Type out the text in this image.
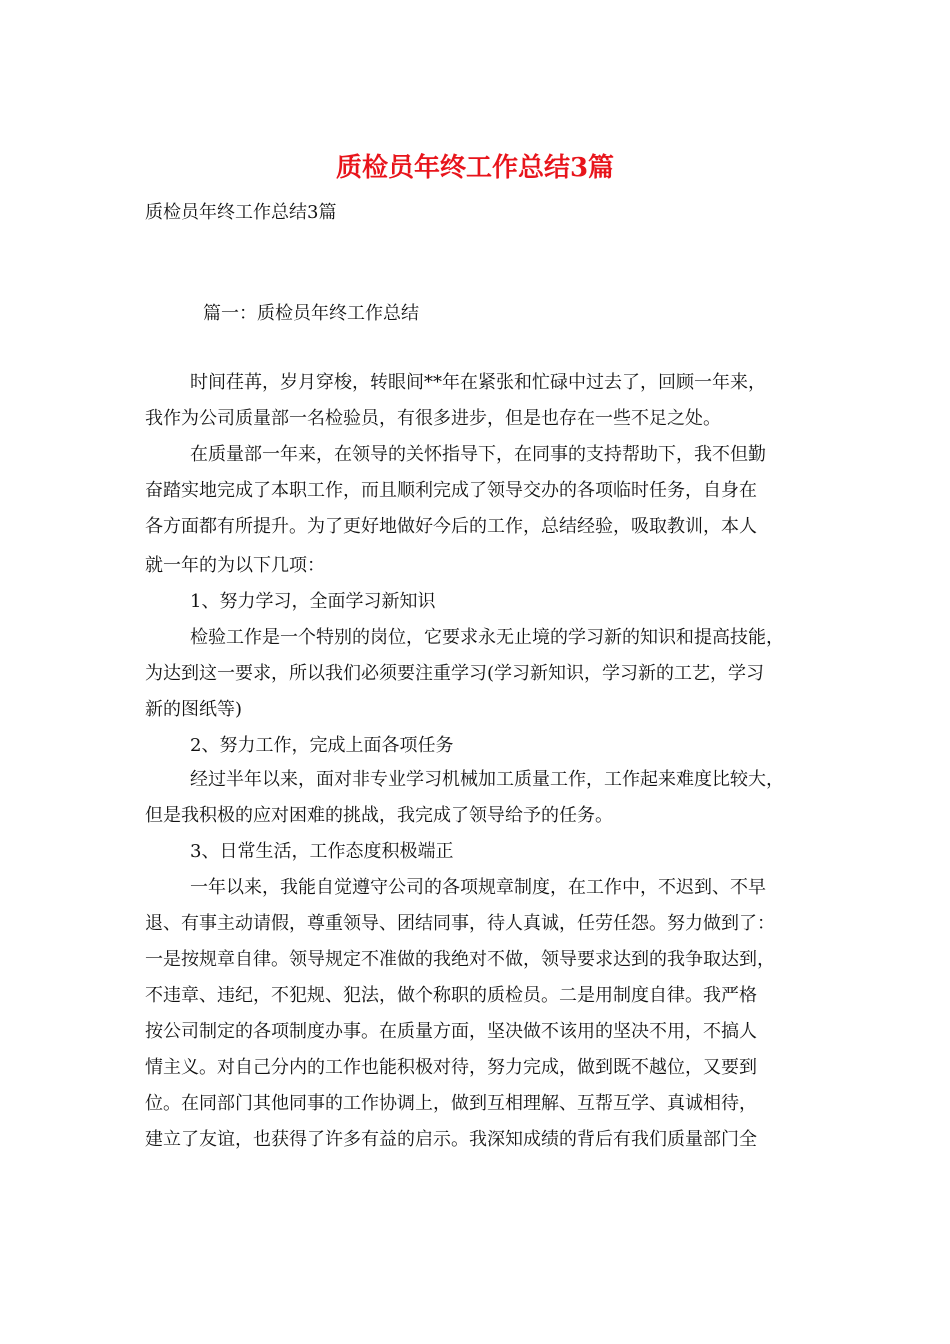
质检员年终工作总结3篇
质检员年终工作总结3篇
篇一：质检员年终工作总结
时间荏苒，岁月穿梭，转眼间**年在紧张和忙碌中过去了，回顾一年来，
我作为公司质量部一名检验员，有很多进步，但是也存在一些不足之处。
在质量部一年来，在领导的关怀指导下，在同事的支持帮助下，我不但勤
奋踏实地完成了本职工作，而且顺利完成了领导交办的各项临时任务，自身在
各方面都有所提升。为了更好地做好今后的工作，总结经验，吸取教训，本人
就一年的为以下几项：
1、努力学习，全面学习新知识
检验工作是一个特别的岗位，它要求永无止境的学习新的知识和提高技能，
为达到这一要求，所以我们必须要注重学习(学习新知识，学习新的工艺，学习
新的图纸等)
2、努力工作，完成上面各项任务
经过半年以来，面对非专业学习机械加工质量工作，工作起来难度比较大，
但是我积极的应对困难的挑战，我完成了领导给予的任务。
3、日常生活，工作态度积极端正
一年以来，我能自觉遵守公司的各项规章制度，在工作中，不迟到、不早
退、有事主动请假，尊重领导、团结同事，待人真诚，任劳任怨。努力做到了：
一是按规章自律。领导规定不准做的我绝对不做，领导要求达到的我争取达到，
不违章、违纪，不犯规、犯法，做个称职的质检员。二是用制度自律。我严格
按公司制定的各项制度办事。在质量方面，坚决做不该用的坚决不用，不搞人
情主义。对自己分内的工作也能积极对待，努力完成，做到既不越位，又要到
位。在同部门其他同事的工作协调上，做到互相理解、互帮互学、真诚相待，
建立了友谊，也获得了许多有益的启示。我深知成绩的背后有我们质量部门全
